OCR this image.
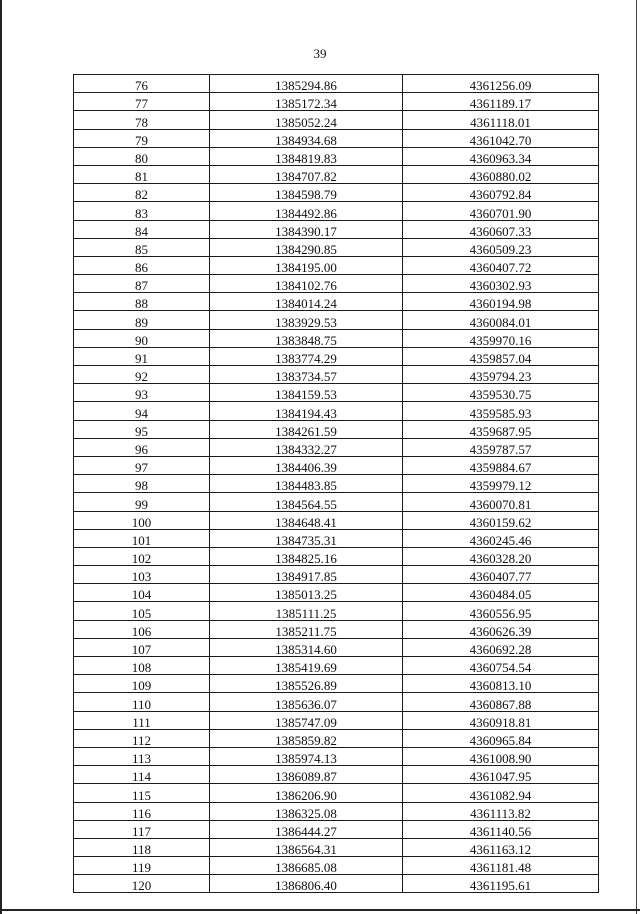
39
76	1385294.86	4361256.09
77	1385172.34	4361189.17
78	1385052.24	4361118.01
79	1384934.68	4361042.70
80	1384819.83	4360963.34
81	1384707.82	4360880.02
82	1384598.79	4360792.84
83	1384492.86	4360701.90
84	1384390.17	4360607.33
85	1384290.85	4360509.23
86	1384195.00	4360407.72
87	1384102.76	4360302.93
88	1384014.24	4360194.98
89	1383929.53	4360084.01
90	1383848.75	4359970.16
91	1383774.29	4359857.04
92	1383734.57	4359794.23
93	1384159.53	4359530.75
94	1384194.43	4359585.93
95	1384261.59	4359687.95
96	1384332.27	4359787.57
97	1384406.39	4359884.67
98	1384483.85	4359979.12
99	1384564.55	4360070.81
100	1384648.41	4360159.62
101	1384735.31	4360245.46
102	1384825.16	4360328.20
103	1384917.85	4360407.77
104	1385013.25	4360484.05
105	1385111.25	4360556.95
106	1385211.75	4360626.39
107	1385314.60	4360692.28
108	1385419.69	4360754.54
109	1385526.89	4360813.10
110	1385636.07	4360867.88
111	1385747.09	4360918.81
112	1385859.82	4360965.84
113	1385974.13	4361008.90
114	1386089.87	4361047.95
115	1386206.90	4361082.94
116	1386325.08	4361113.82
117	1386444.27	4361140.56
118	1386564.31	4361163.12
119	1386685.08	4361181.48
120	1386806.40	4361195.61
